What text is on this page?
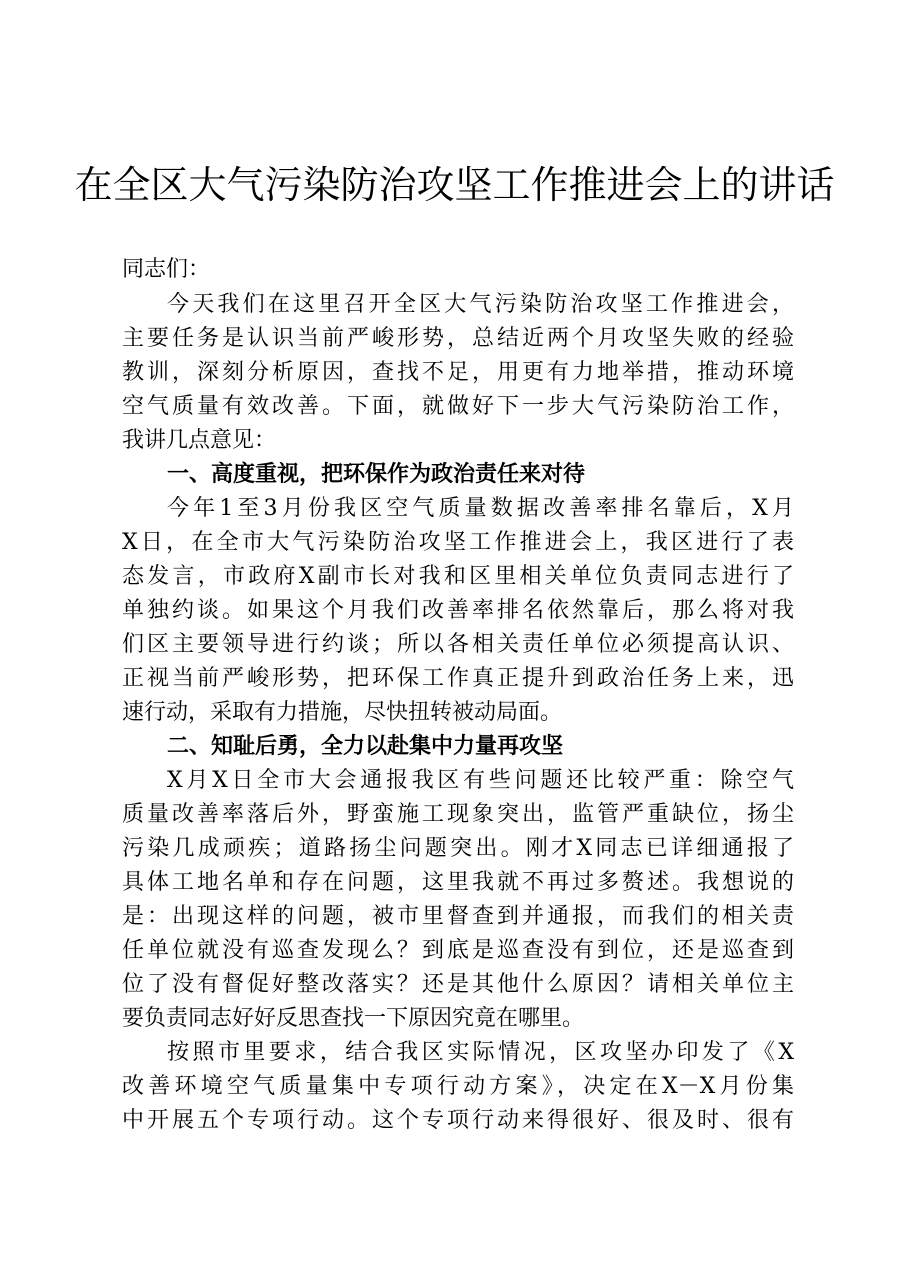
在全区大气污染防治攻坚工作推进会上的讲话
同志们：
今天我们在这里召开全区大气污染防治攻坚工作推进会，
主要任务是认识当前严峻形势，总结近两个月攻坚失败的经验
教训，深刻分析原因，查找不足，用更有力地举措，推动环境
空气质量有效改善。下面，就做好下一步大气污染防治工作，
我讲几点意见：
一、高度重视，把环保作为政治责任来对待
今年1至3月份我区空气质量数据改善率排名靠后，X月
X日，在全市大气污染防治攻坚工作推进会上，我区进行了表
态发言，市政府X副市长对我和区里相关单位负责同志进行了
单独约谈。如果这个月我们改善率排名依然靠后，那么将对我
们区主要领导进行约谈；所以各相关责任单位必须提高认识、
正视当前严峻形势，把环保工作真正提升到政治任务上来，迅
速行动，采取有力措施，尽快扭转被动局面。
二、知耻后勇，全力以赴集中力量再攻坚
X月X日全市大会通报我区有些问题还比较严重：除空气
质量改善率落后外，野蛮施工现象突出，监管严重缺位，扬尘
污染几成顽疾；道路扬尘问题突出。刚才X同志已详细通报了
具体工地名单和存在问题，这里我就不再过多赘述。我想说的
是：出现这样的问题，被市里督查到并通报，而我们的相关责
任单位就没有巡查发现么？到底是巡查没有到位，还是巡查到
位了没有督促好整改落实？还是其他什么原因？请相关单位主
要负责同志好好反思查找一下原因究竟在哪里。
按照市里要求，结合我区实际情况，区攻坚办印发了《X
改善环境空气质量集中专项行动方案》，决定在X－X月份集
中开展五个专项行动。这个专项行动来得很好、很及时、很有
